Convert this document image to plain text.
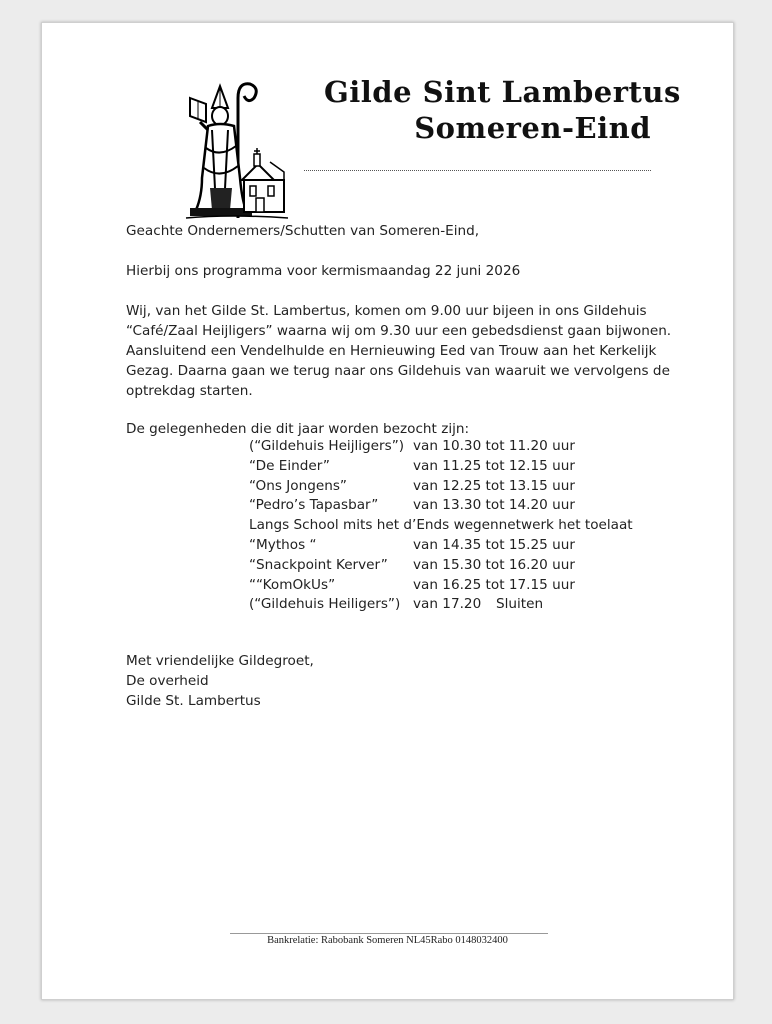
Gilde Sint Lambertus
Someren-Eind

Geachte Ondernemers/Schutten van Someren-Eind,

Hierbij ons programma voor kermismaandag 22 juni 2026

Wij, van het Gilde St. Lambertus, komen om 9.00 uur bijeen in ons Gildehuis

“Café/Zaal Heijligers” waarna wij om 9.30 uur een gebedsdienst gaan bijwonen.

Aansluitend een Vendelhulde en Hernieuwing Eed van Trouw aan het Kerkelijk

Gezag. Daarna gaan we terug naar ons Gildehuis van waaruit we vervolgens de

optrekdag starten.

De gelegenheden die dit jaar worden bezocht zijn:

(“Gildehuis Heijligers”) van 10.30 tot 11.20 uur
“De Einder”	van 11.25 tot 12.15 uur
“Ons Jongens”	van 12.25 tot 13.15 uur
“Pedro’s Tapasbar”	van 13.30 tot 14.20 uur
Langs School mits het d’Ends wegennetwerk het toelaat
“Mythos “	van 14.35 tot 15.25 uur
“Snackpoint Kerver” van 15.30 tot 16.20 uur
““KomOkUs”	van 16.25 tot 17.15 uur
(“Gildehuis Heiligers”) van 17.20 Sluiten

Met vriendelijke Gildegroet,

De overheid

Gilde St. Lambertus

Bankrelatie: Rabobank Someren NL45Rabo 0148032400
